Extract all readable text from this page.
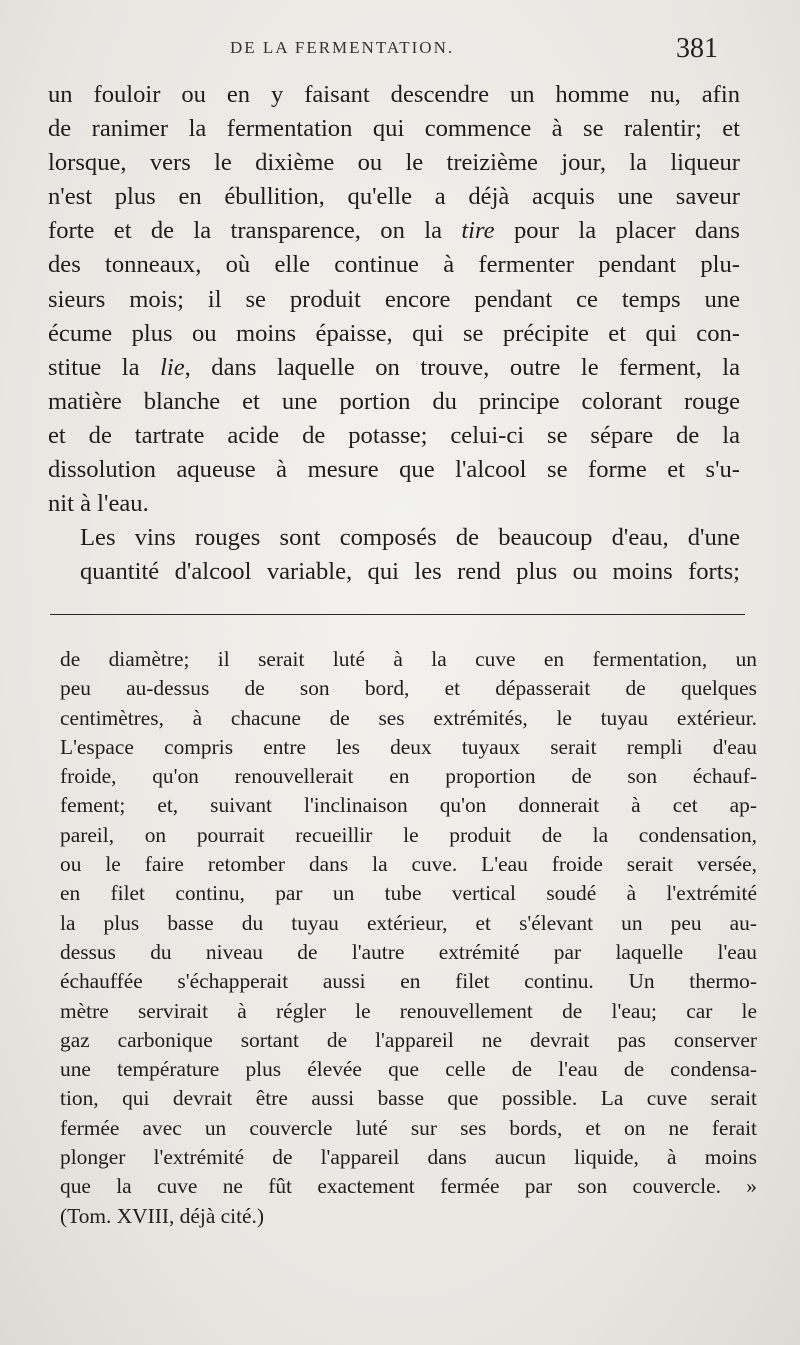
DE LA FERMENTATION.	381

un fouloir ou en y faisant descendre un homme nu, afin
de ranimer la fermentation qui commence à se ralentir; et
lorsque, vers le dixième ou le treizième jour, la liqueur
n'est plus en ébullition, qu'elle a déjà acquis une saveur
forte et de la transparence, on la tire pour la placer dans
des tonneaux, où elle continue à fermenter pendant plu-
sieurs mois; il se produit encore pendant ce temps une
écume plus ou moins épaisse, qui se précipite et qui con-
stitue la lie, dans laquelle on trouve, outre le ferment, la
matière blanche et une portion du principe colorant rouge
et de tartrate acide de potasse; celui-ci se sépare de la
dissolution aqueuse à mesure que l'alcool se forme et s'u-
nit à l'eau.

Les vins rouges sont composés de beaucoup d'eau, d'une
quantité d'alcool variable, qui les rend plus ou moins forts;

de diamètre; il serait luté à la cuve en fermentation, un
peu au-dessus de son bord, et dépasserait de quelques
centimètres, à chacune de ses extrémités, le tuyau extérieur.
L'espace compris entre les deux tuyaux serait rempli d'eau
froide, qu'on renouvellerait en proportion de son échauf-
fement; et, suivant l'inclinaison qu'on donnerait à cet ap-
pareil, on pourrait recueillir le produit de la condensation,
ou le faire retomber dans la cuve. L'eau froide serait versée,
en filet continu, par un tube vertical soudé à l'extrémité
la plus basse du tuyau extérieur, et s'élevant un peu au-
dessus du niveau de l'autre extrémité par laquelle l'eau
échauffée s'échapperait aussi en filet continu. Un thermo-
mètre servirait à régler le renouvellement de l'eau; car le
gaz carbonique sortant de l'appareil ne devrait pas conserver
une température plus élevée que celle de l'eau de condensa-
tion, qui devrait être aussi basse que possible. La cuve serait
fermée avec un couvercle luté sur ses bords, et on ne ferait
plonger l'extrémité de l'appareil dans aucun liquide, à moins
que la cuve ne fût exactement fermée par son couvercle. »
(Tom. XVIII, déjà cité.)
